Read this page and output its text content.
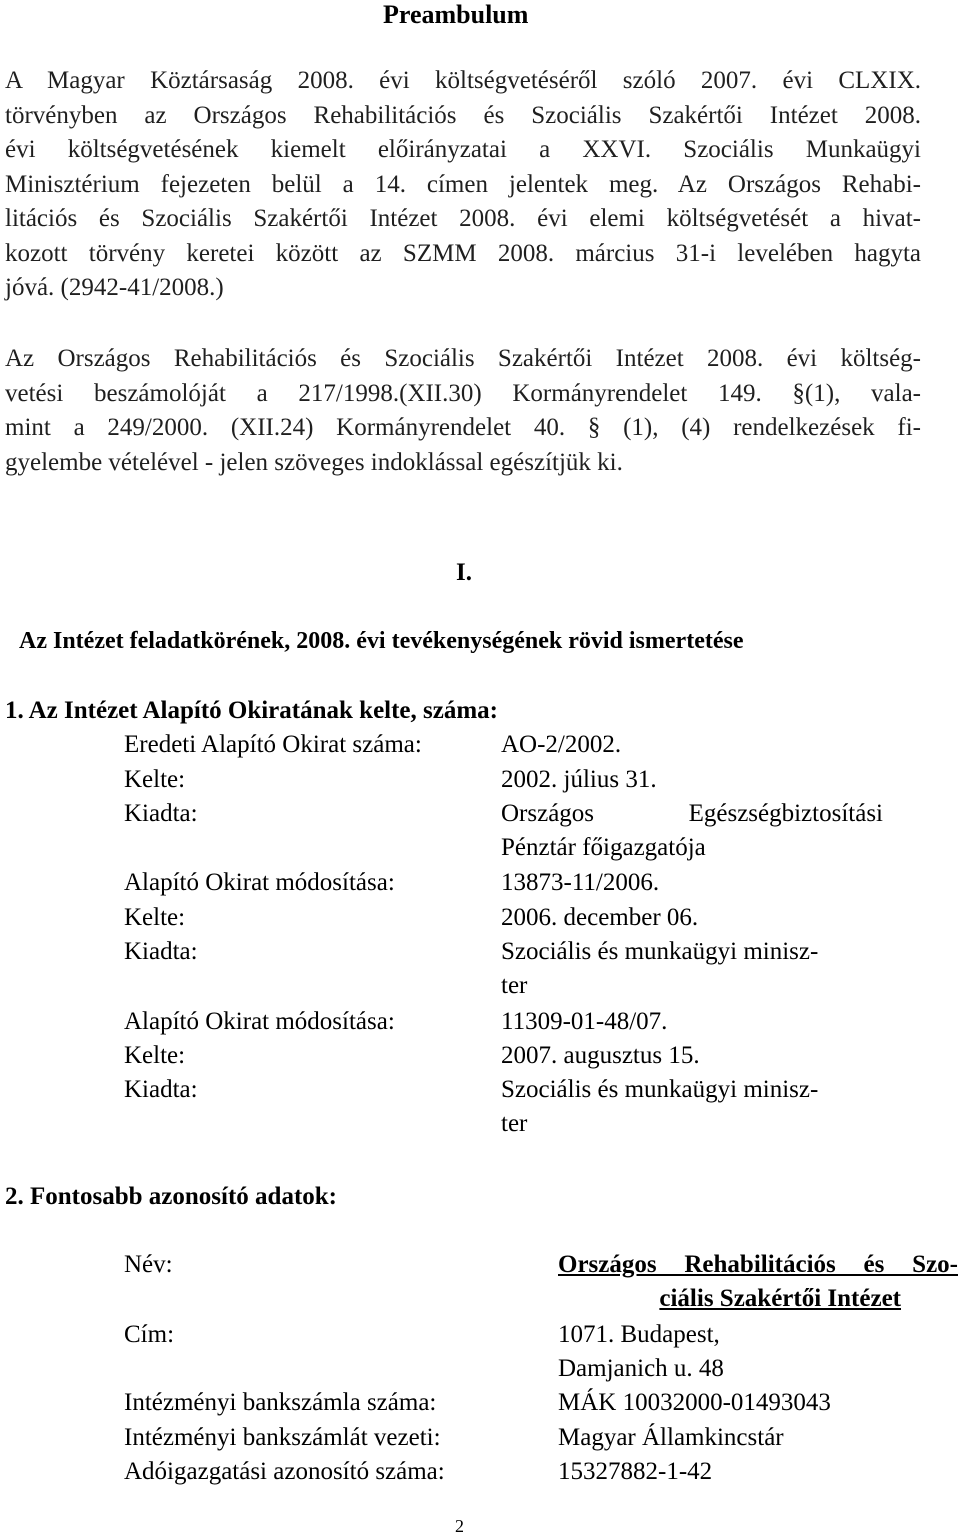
Preambulum
A Magyar Köztársaság 2008. évi költségvetéséről szóló 2007. évi CLXIX.
törvényben az Országos Rehabilitációs és Szociális Szakértői Intézet 2008.
évi költségvetésének kiemelt előirányzatai a XXVI. Szociális Munkaügyi
Minisztérium fejezeten belül a 14. címen jelentek meg. Az Országos Rehabi-
litációs és Szociális Szakértői Intézet 2008. évi elemi költségvetését a hivat-
kozott törvény keretei között az SZMM 2008. március 31-i levelében hagyta
jóvá. (2942-41/2008.)
Az Országos Rehabilitációs és Szociális Szakértői Intézet 2008. évi költség-
vetési beszámolóját a 217/1998.(XII.30) Kormányrendelet 149. §(1), vala-
mint a 249/2000. (XII.24) Kormányrendelet 40. § (1), (4) rendelkezések fi-
gyelembe vételével - jelen szöveges indoklással egészítjük ki.
I.
Az Intézet feladatkörének, 2008. évi tevékenységének rövid ismertetése
1. Az Intézet Alapító Okiratának kelte, száma:
Eredeti Alapító Okirat száma:	AO-2/2002.
Kelte:	2002. július 31.
Kiadta:	Országos Egészségbiztosítási
Pénztár főigazgatója
Alapító Okirat módosítása:	13873-11/2006.
Kelte:	2006. december 06.
Kiadta:	Szociális és munkaügyi minisz-
ter
Alapító Okirat módosítása:	11309-01-48/07.
Kelte:	2007. augusztus 15.
Kiadta:	Szociális és munkaügyi minisz-
ter
2. Fontosabb azonosító adatok:
Név:	Országos Rehabilitációs és Szo-
ciális Szakértői Intézet
Cím:	1071. Budapest,
Damjanich u. 48
Intézményi bankszámla száma:	MÁK 10032000-01493043
Intézményi bankszámlát vezeti:	Magyar Államkincstár
Adóigazgatási azonosító száma:	15327882-1-42
2
